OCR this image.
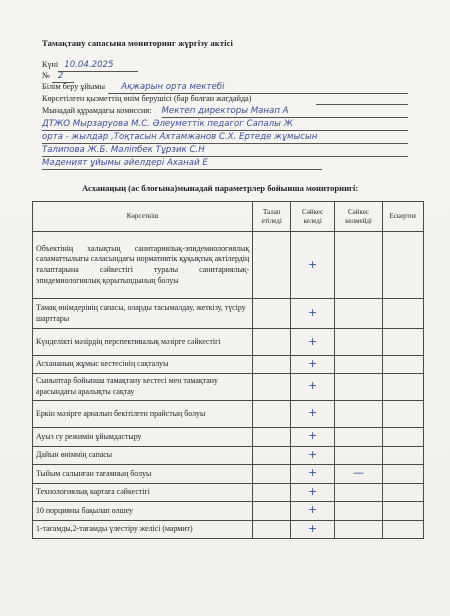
Тамақтану сапасына мониторинг жүргізу актісі
Күні 10.04.2025
№ 2
Білім беру ұйымы Ақжарын орта мектебі
Көрсетілген қызметтің өнім берушісі (бар болған жағдайда)
Мынадай құрамдағы комиссия: Мектеп директоры Манап А
ДТЖО Мырзаруова М.С. Әлеуметтік педагог Сапалы Ж
орта - жылдар ,Тоқтасын Ахтамжанов С.Х. Ертеде жұмысын
Талипова Ж.Б. Мәліпбек Тұрзик С.Н
Мәденият ұйымы әйелдері Аханай Е
Асханаңың (ас блоғына)мынадай параметрлер бойынша мониторингі:
Көрсеткіш	Талап етіледі	Сәйкес келеді	Сәйкес келмейді	Ескертпе
Объектінің халықтың санитариялық-эпидемиологиялық саламаттылығы саласындағы нормативтік құқықтық актілердің талаптарына сәйкестігі туралы санитариялық-эпидемиологиялық қорытындының болуы		+		
Тамақ өнімдерінің сапасы, оларды тасымалдау, жеткізу, түсіру шарттары		+		
Күнделікті мәзірдің перспективалық мәзірге сәйкестігі		+		
Асхананың жұмыс кестесінің сақталуы		+		
Сыныптар бойынша тамақтану кестесі мен тамақтану арасындағы аралықты сақтау		+		
Еркін мәзірге арналып бекітілген прайстың болуы		+		
Ауыз су режимін ұйымдастыру		+		
Дайын өнімнің сапасы		+		
Тыйым салынған тағамның болуы		+	—	
Технологиялық картаға сәйкестігі		+		
10 порцияны бақылап өлшеу		+		
1-тағамды,2-тағамды үлестіру желісі (мармит)		+		
